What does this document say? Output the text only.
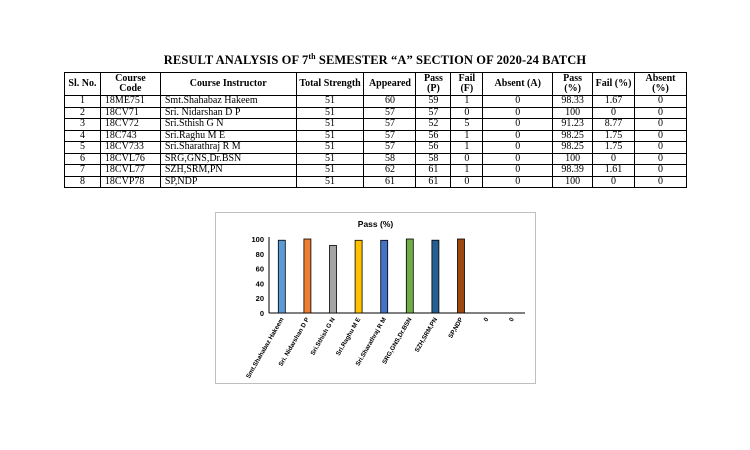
RESULT ANALYSIS OF 7th SEMESTER “A” SECTION OF 2020-24 BATCH
Sl. No.	Course Code	Course Instructor	Total Strength	Appeared	Pass (P)	Fail (F)	Absent (A)	Pass (%)	Fail (%)	Absent (%)
1	18ME751	Smt.Shahabaz Hakeem	51	60	59	1	0	98.33	1.67	0
2	18CV71	Sri. Nidarshan D P	51	57	57	0	0	100	0	0
3	18CV72	Sri.Sthish G N	51	57	52	5	0	91.23	8.77	0
4	18C743	Sri.Raghu M E	51	57	56	1	0	98.25	1.75	0
5	18CV733	Sri.Sharathraj R M	51	57	56	1	0	98.25	1.75	0
6	18CVL76	SRG,GNS,Dr.BSN	51	58	58	0	0	100	0	0
7	18CVL77	SZH,SRM,PN	51	62	61	1	0	98.39	1.61	0
8	18CVP78	SP,NDP	51	61	61	0	0	100	0	0
Pass (%)
0
20
40
60
80
100
Smt.Shahabaz Hakeem
Sri. Nidarshan D P
Sri.Sthish G N
Sri.Raghu M E
Sri.Sharathraj R M
SRG,GNS,Dr.BSN SZH,SRM,PN SP,NDP	0	0
